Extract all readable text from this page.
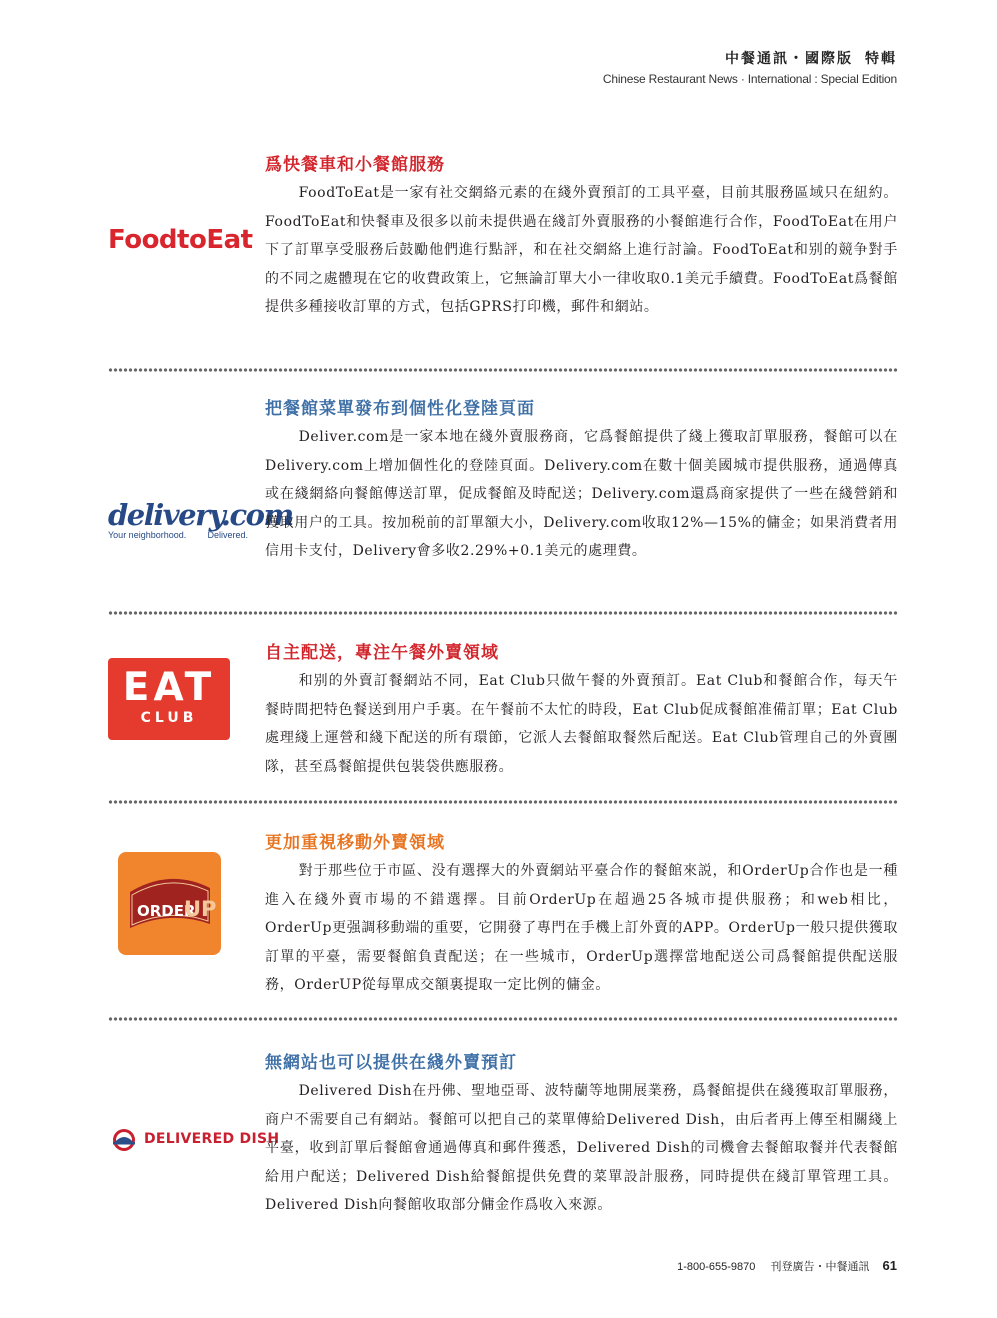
中餐通訊・國際版 特輯
Chinese Restaurant News · International : Special Edition
FoodtoEat
爲快餐車和小餐館服務

FoodToEat是一家有社交網絡元素的在綫外賣預訂的工具平臺，目前其服務區域只在紐約。FoodToEat和快餐車及很多以前未提供過在綫訂外賣服務的小餐館進行合作，FoodToEat在用户下了訂單享受服務后鼓勵他們進行點評，和在社交網絡上進行討論。FoodToEat和别的競争對手的不同之處體現在它的收費政策上，它無論訂單大小一律收取0.1美元手續費。FoodToEat爲餐館提供多種接收訂單的方式，包括GPRS打印機，郵件和網站。

delivery.com
Your neighborhood. Delivered.
把餐館菜單發布到個性化登陸頁面

Deliver.com是一家本地在綫外賣服務商，它爲餐館提供了綫上獲取訂單服務，餐館可以在Delivery.com上增加個性化的登陸頁面。Delivery.com在數十個美國城市提供服務，通過傳真或在綫網絡向餐館傳送訂單，促成餐館及時配送；Delivery.com還爲商家提供了一些在綫營銷和獲取用户的工具。按加税前的訂單額大小，Delivery.com收取12%—15%的傭金；如果消費者用信用卡支付，Delivery會多收2.29%+0.1美元的處理費。

EAT
CLUB
自主配送，專注午餐外賣領域

和别的外賣訂餐網站不同，Eat Club只做午餐的外賣預訂。Eat Club和餐館合作，每天午餐時間把特色餐送到用户手裏。在午餐前不太忙的時段，Eat Club促成餐館准備訂單；Eat Club處理綫上運營和綫下配送的所有環節，它派人去餐館取餐然后配送。Eat Club管理自己的外賣團隊，甚至爲餐館提供包裝袋供應服務。

ORDER
UP
更加重視移動外賣領域

對于那些位于市區、没有選擇大的外賣網站平臺合作的餐館來説，和OrderUp合作也是一種進入在綫外賣市場的不錯選擇。目前OrderUp在超過25各城市提供服務；和web相比，OrderUp更强調移動端的重要，它開發了專門在手機上訂外賣的APP。OrderUp一般只提供獲取訂單的平臺，需要餐館負責配送；在一些城市，OrderUp選擇當地配送公司爲餐館提供配送服務，OrderUP從每單成交額裏提取一定比例的傭金。

DELIVERED DISH
無網站也可以提供在綫外賣預訂

Delivered Dish在丹佛、聖地亞哥、波特蘭等地開展業務，爲餐館提供在綫獲取訂單服務，商户不需要自己有網站。餐館可以把自己的菜單傳給Delivered Dish，由后者再上傳至相關綫上平臺，收到訂單后餐館會通過傳真和郵件獲悉，Delivered Dish的司機會去餐館取餐并代表餐館給用户配送；Delivered Dish給餐館提供免費的菜單設計服務，同時提供在綫訂單管理工具。Delivered Dish向餐館收取部分傭金作爲收入來源。

1-800-655-9870 刊登廣告・中餐通訊 61
